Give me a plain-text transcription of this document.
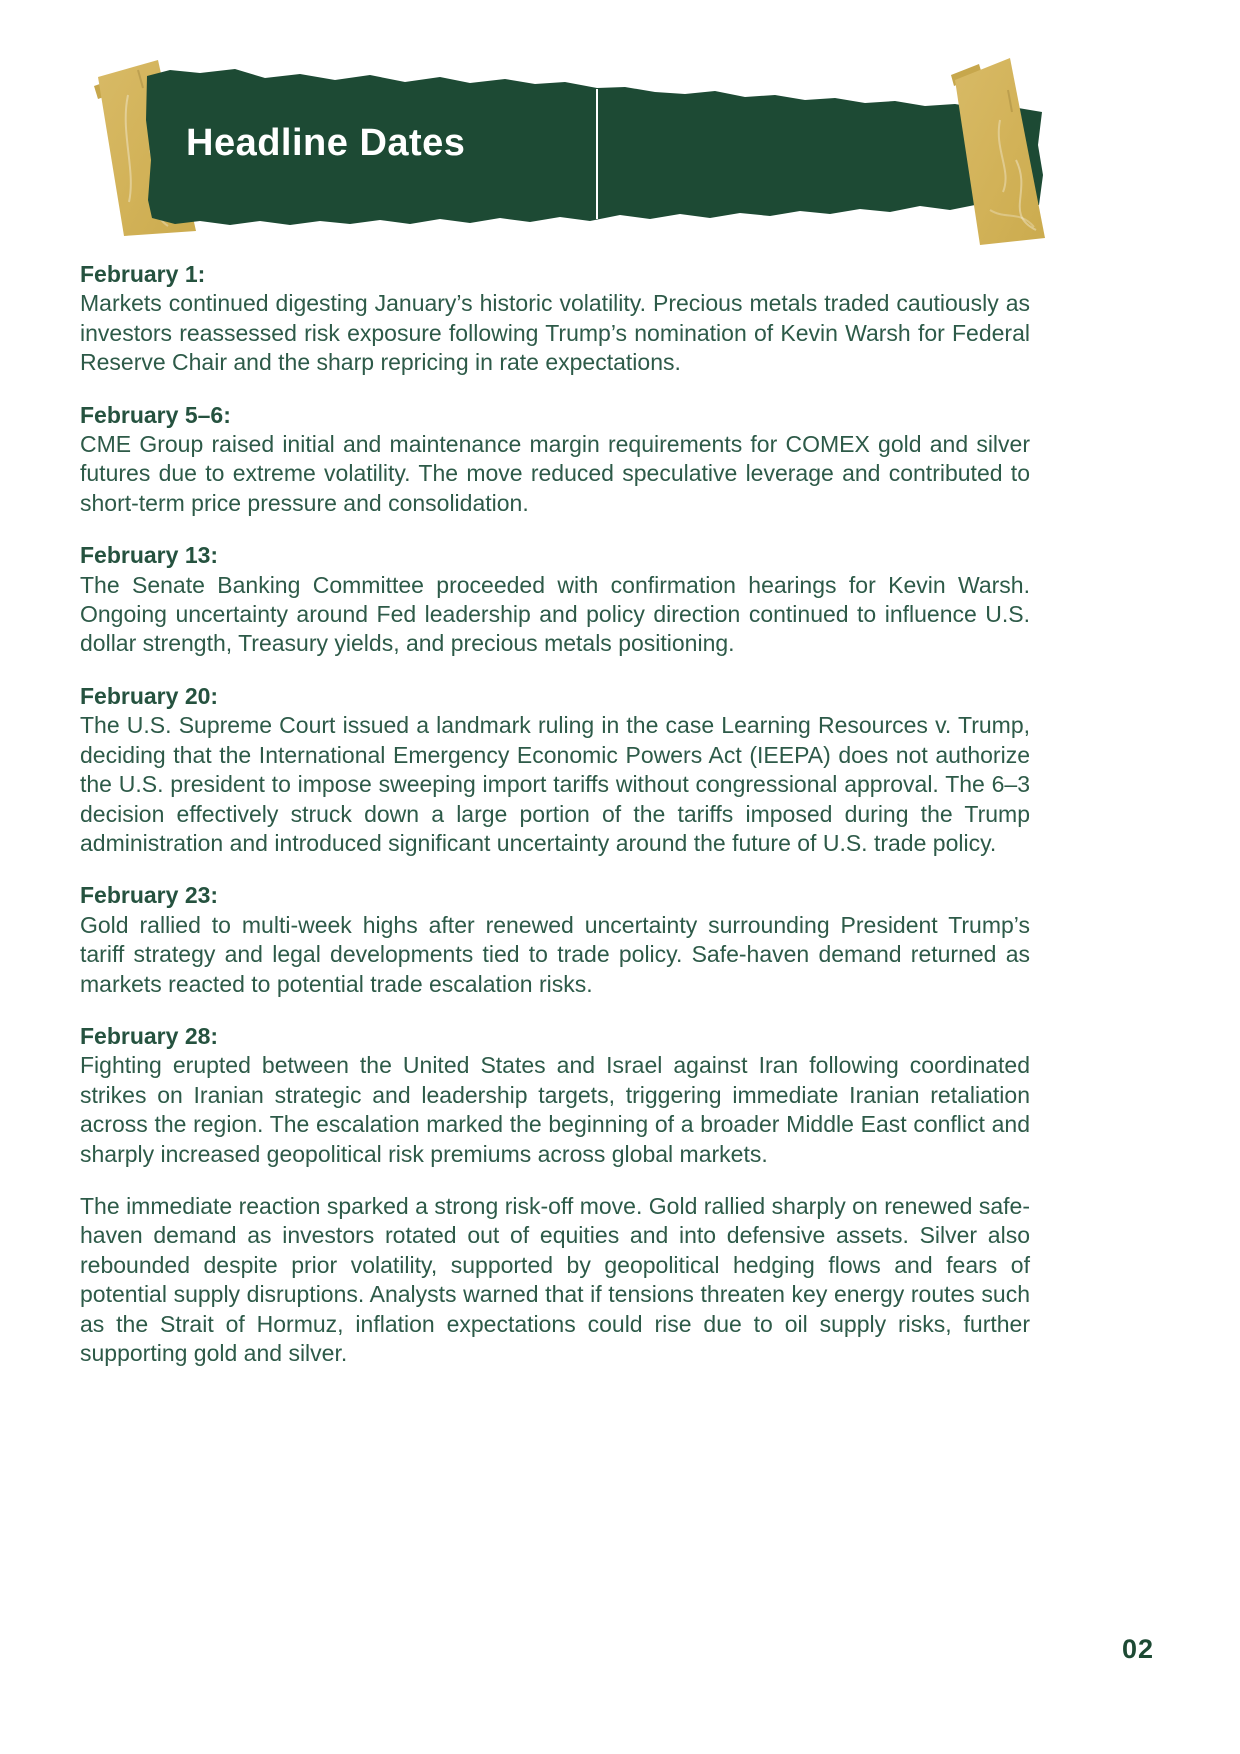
Headline Dates
February 1:

Markets continued digesting January’s historic volatility. Precious metals traded cautiously as investors reassessed risk exposure following Trump’s nomination of Kevin Warsh for Federal Reserve Chair and the sharp repricing in rate expectations.

February 5–6:

CME Group raised initial and maintenance margin requirements for COMEX gold and silver futures due to extreme volatility. The move reduced speculative leverage and contributed to short-term price pressure and consolidation.

February 13:

The Senate Banking Committee proceeded with confirmation hearings for Kevin Warsh. Ongoing uncertainty around Fed leadership and policy direction continued to influence U.S. dollar strength, Treasury yields, and precious metals positioning.

February 20:

The U.S. Supreme Court issued a landmark ruling in the case Learning Resources v. Trump, deciding that the International Emergency Economic Powers Act (IEEPA) does not authorize the U.S. president to impose sweeping import tariffs without congressional approval. The 6–3 decision effectively struck down a large portion of the tariffs imposed during the Trump administration and introduced significant uncertainty around the future of U.S. trade policy.

February 23:

Gold rallied to multi-week highs after renewed uncertainty surrounding President Trump’s tariff strategy and legal developments tied to trade policy. Safe-haven demand returned as markets reacted to potential trade escalation risks.

February 28:

Fighting erupted between the United States and Israel against Iran following coordinated strikes on Iranian strategic and leadership targets, triggering immediate Iranian retaliation across the region. The escalation marked the beginning of a broader Middle East conflict and sharply increased geopolitical risk premiums across global markets.

The immediate reaction sparked a strong risk-off move. Gold rallied sharply on renewed safe-haven demand as investors rotated out of equities and into defensive assets. Silver also rebounded despite prior volatility, supported by geopolitical hedging flows and fears of potential supply disruptions. Analysts warned that if tensions threaten key energy routes such as the Strait of Hormuz, inflation expectations could rise due to oil supply risks, further supporting gold and silver.

02
